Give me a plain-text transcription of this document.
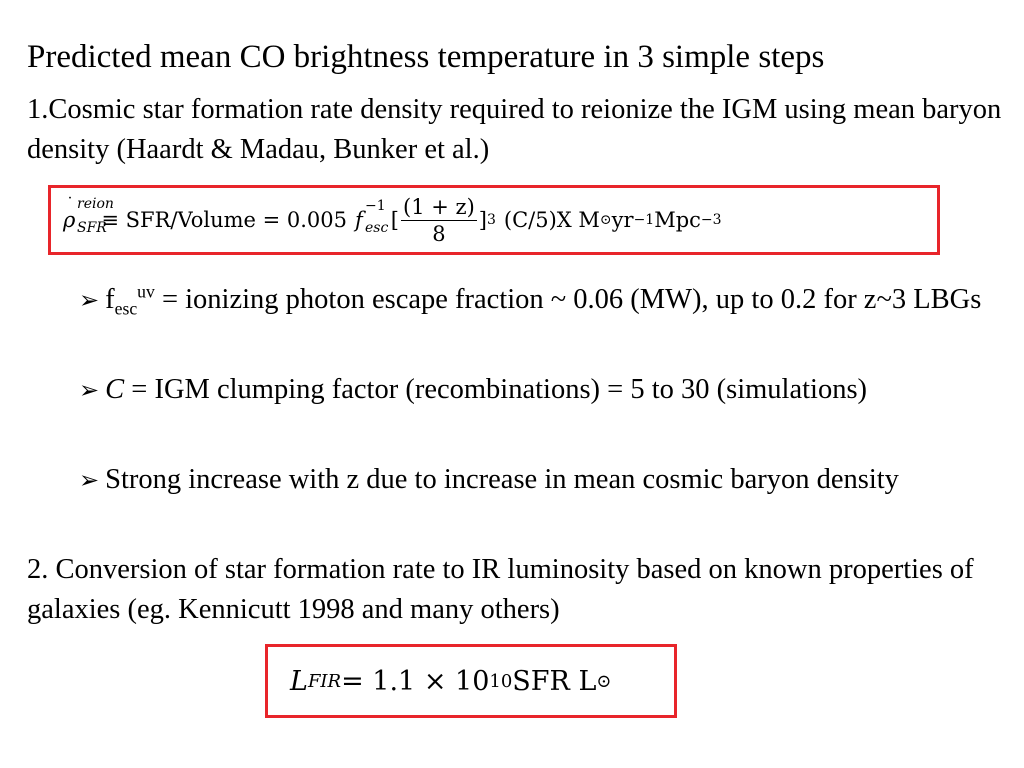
Predicted mean CO brightness temperature in 3 simple steps
1.Cosmic star formation rate density required to reionize the IGM using mean baryon density (Haardt & Madau, Bunker et al.)
ρ
˙ reion
SFR
≡ SFR/Volume = 0.005 f
−1
esc [ $\frac{(1 + z)}{8}$ ] 3 (C/5)X M ⊙ yr −1 Mpc −3
➢ $f_{esc}^{uv}$ = ionizing photon escape fraction ~ 0.06 (MW), up to 0.2 for z~3 LBGs
➢ C = IGM clumping factor (recombinations) = 5 to 30 (simulations)
➢ Strong increase with z due to increase in mean cosmic baryon density
2. Conversion of star formation rate to IR luminosity based on known properties of galaxies (eg. Kennicutt 1998 and many others)
L FIR = 1.1 × 10 10 SFR L ⊙
